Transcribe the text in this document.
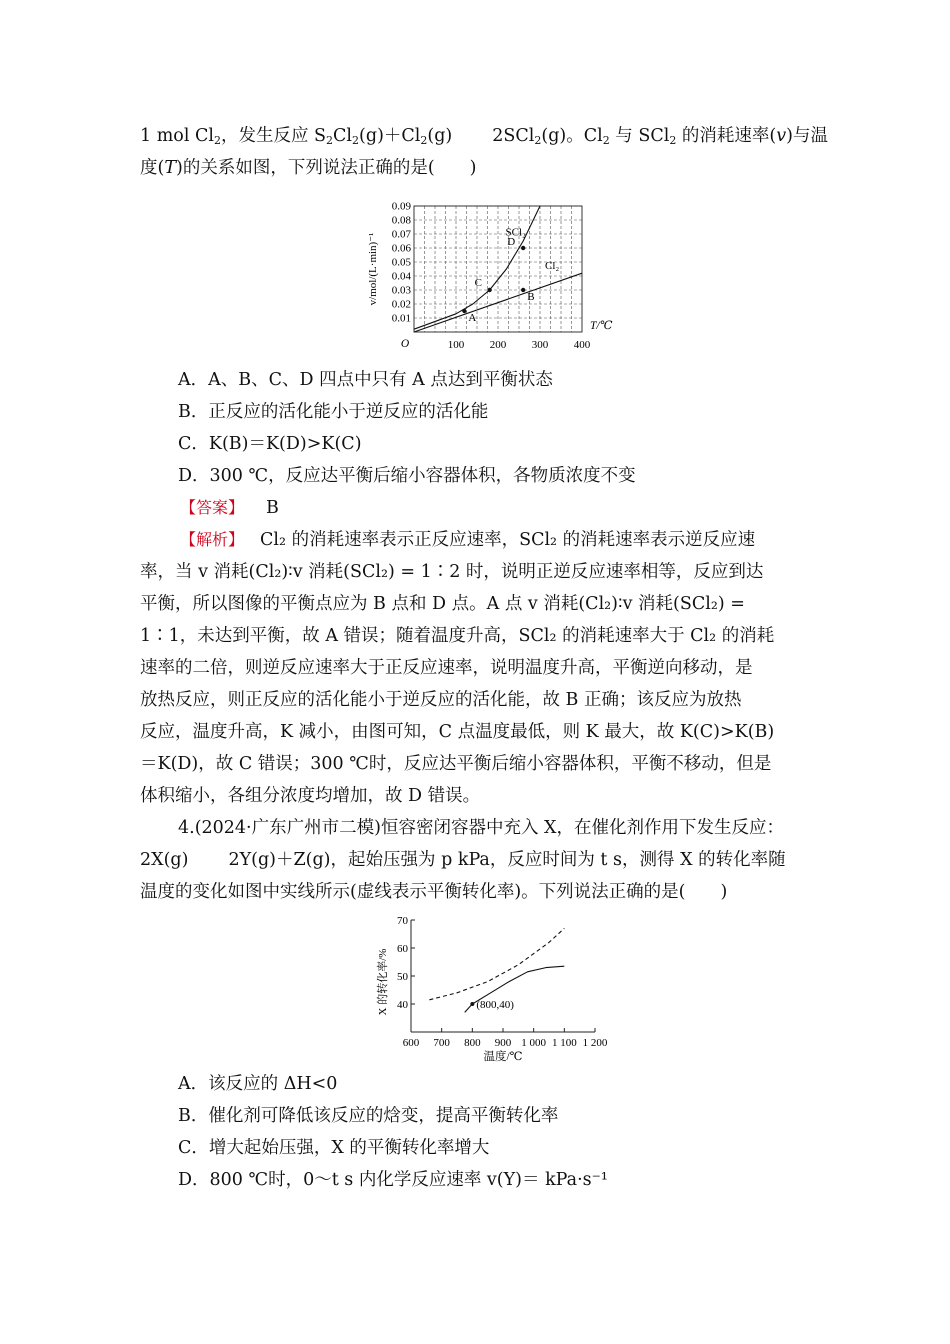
1 mol Cl2，发生反应 S2Cl2(g)＋Cl2(g) 2SCl2(g)。Cl2 与 SCl2 的消耗速率(v)与温
度(T)的关系如图，下列说法正确的是(　　)
0.01
0.02
0.03
0.04
0.05
0.06
0.07
0.08
0.09
100 200 300 400
O
T/℃
v/mol/(L·min)⁻¹
SCl₂
Cl₂
A
C
B
D
A．A、B、C、D 四点中只有 A 点达到平衡状态
B．正反应的活化能小于逆反应的活化能
C．K(B)＝K(D)>K(C)
D．300 ℃，反应达平衡后缩小容器体积，各物质浓度不变
【答案】 B
【解析】 Cl₂ 的消耗速率表示正反应速率，SCl₂ 的消耗速率表示逆反应速
率，当 v 消耗(Cl₂)∶v 消耗(SCl₂) = 1∶2 时，说明正逆反应速率相等，反应到达
平衡，所以图像的平衡点应为 B 点和 D 点。A 点 v 消耗(Cl₂)∶v 消耗(SCl₂) =
1∶1，未达到平衡，故 A 错误；随着温度升高，SCl₂ 的消耗速率大于 Cl₂ 的消耗
速率的二倍，则逆反应速率大于正反应速率，说明温度升高，平衡逆向移动，是
放热反应，则正反应的活化能小于逆反应的活化能，故 B 正确；该反应为放热
反应，温度升高，K 减小，由图可知，C 点温度最低，则 K 最大，故 K(C)>K(B)
＝K(D)，故 C 错误；300 ℃时，反应达平衡后缩小容器体积，平衡不移动，但是
体积缩小，各组分浓度均增加，故 D 错误。
4.(2024·广东广州市二模)恒容密闭容器中充入 X，在催化剂作用下发生反应：
2X(g) 2Y(g)＋Z(g)，起始压强为 p kPa，反应时间为 t s，测得 X 的转化率随
温度的变化如图中实线所示(虚线表示平衡转化率)。下列说法正确的是(　　)
40
50
60
70
600 700 800 900 1 000 1 100 1 200
温度/℃
X 的转化率/%	(800,40)
A．该反应的 ΔH<0
B．催化剂可降低该反应的焓变，提高平衡转化率
C．增大起始压强，X 的平衡转化率增大
D．800 ℃时，0～t s 内化学反应速率 v(Y)＝ kPa·s⁻¹
